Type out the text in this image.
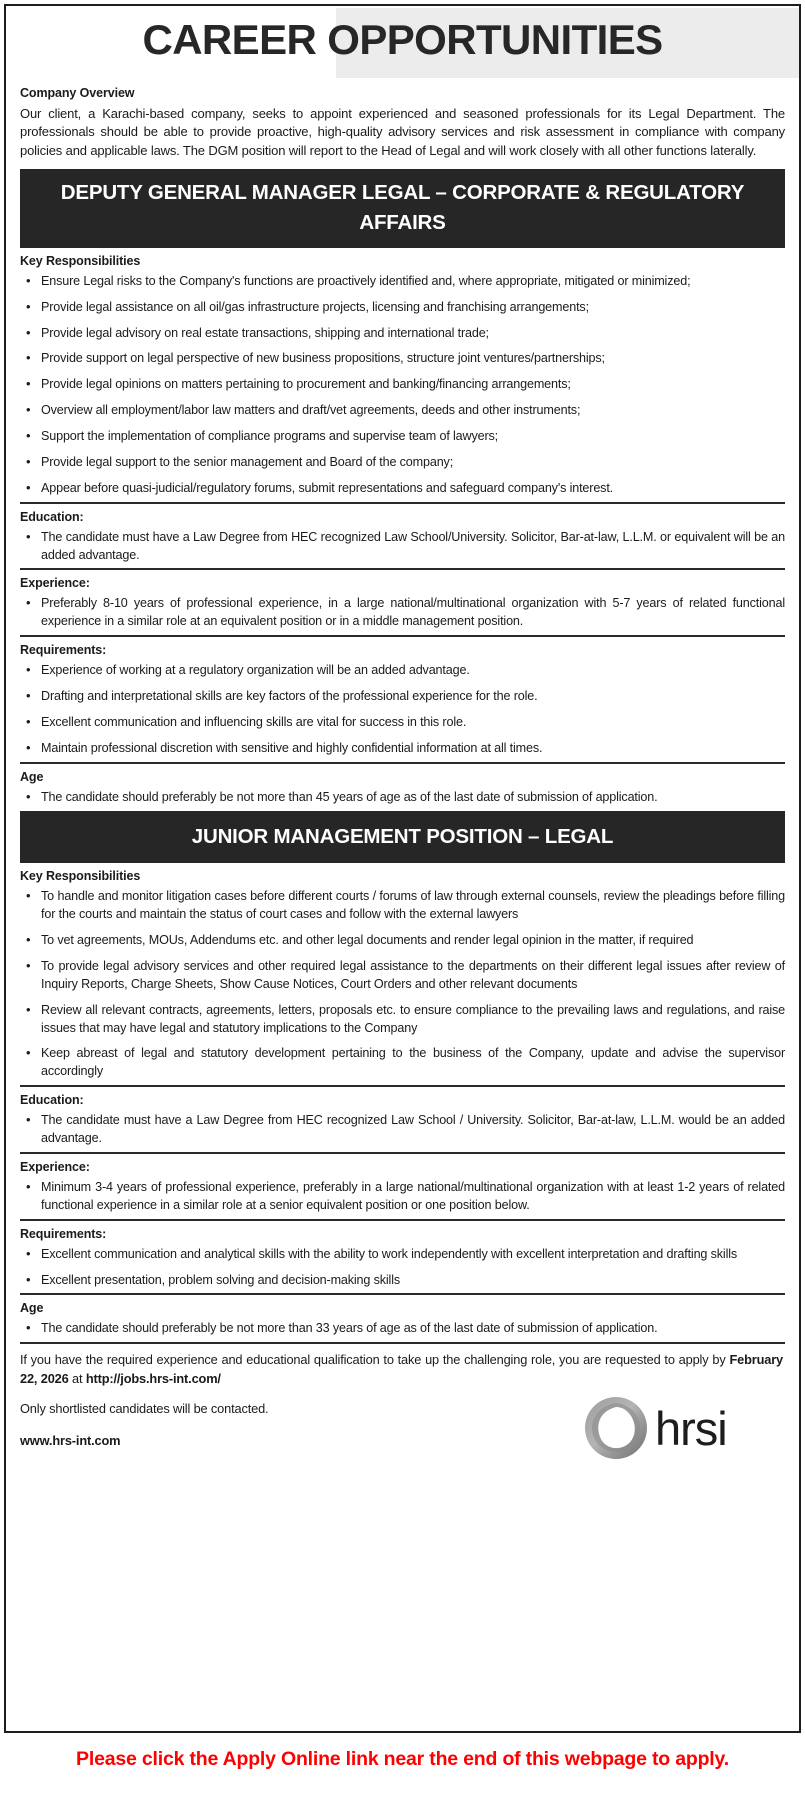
CAREER OPPORTUNITIES
Company Overview
Our client, a Karachi-based company, seeks to appoint experienced and seasoned professionals for its Legal Department. The professionals should be able to provide proactive, high-quality advisory services and risk assessment in compliance with company policies and applicable laws. The DGM position will report to the Head of Legal and will work closely with all other functions laterally.
DEPUTY GENERAL MANAGER LEGAL – CORPORATE & REGULATORY AFFAIRS
Key Responsibilities
• Ensure Legal risks to the Company's functions are proactively identified and, where appropriate, mitigated or minimized;
• Provide legal assistance on all oil/gas infrastructure projects, licensing and franchising arrangements;
• Provide legal advisory on real estate transactions, shipping and international trade;
• Provide support on legal perspective of new business propositions, structure joint ventures/partnerships;
• Provide legal opinions on matters pertaining to procurement and banking/financing arrangements;
• Overview all employment/labor law matters and draft/vet agreements, deeds and other instruments;
• Support the implementation of compliance programs and supervise team of lawyers;
• Provide legal support to the senior management and Board of the company;
• Appear before quasi-judicial/regulatory forums, submit representations and safeguard company's interest.
Education:
• The candidate must have a Law Degree from HEC recognized Law School/University. Solicitor, Bar-at-law, L.L.M. or equivalent will be an added advantage.
Experience:
• Preferably 8-10 years of professional experience, in a large national/multinational organization with 5-7 years of related functional experience in a similar role at an equivalent position or in a middle management position.
Requirements:
• Experience of working at a regulatory organization will be an added advantage.
• Drafting and interpretational skills are key factors of the professional experience for the role.
• Excellent communication and influencing skills are vital for success in this role.
• Maintain professional discretion with sensitive and highly confidential information at all times.
Age
• The candidate should preferably be not more than 45 years of age as of the last date of submission of application.
JUNIOR MANAGEMENT POSITION – LEGAL
Key Responsibilities
• To handle and monitor litigation cases before different courts / forums of law through external counsels, review the pleadings before filling for the courts and maintain the status of court cases and follow with the external lawyers
• To vet agreements, MOUs, Addendums etc. and other legal documents and render legal opinion in the matter, if required
• To provide legal advisory services and other required legal assistance to the departments on their different legal issues after review of Inquiry Reports, Charge Sheets, Show Cause Notices, Court Orders and other relevant documents
• Review all relevant contracts, agreements, letters, proposals etc. to ensure compliance to the prevailing laws and regulations, and raise issues that may have legal and statutory implications to the Company
• Keep abreast of legal and statutory development pertaining to the business of the Company, update and advise the supervisor accordingly
Education:
• The candidate must have a Law Degree from HEC recognized Law School / University. Solicitor, Bar-at-law, L.L.M. would be an added advantage.
Experience:
• Minimum 3-4 years of professional experience, preferably in a large national/multinational organization with at least 1-2 years of related functional experience in a similar role at a senior equivalent position or one position below.
Requirements:
• Excellent communication and analytical skills with the ability to work independently with excellent interpretation and drafting skills
• Excellent presentation, problem solving and decision-making skills
Age
• The candidate should preferably be not more than 33 years of age as of the last date of submission of application.

If you have the required experience and educational qualification to take up the challenging role, you are requested to apply by February 22, 2026 at http://jobs.hrs-int.com/

Only shortlisted candidates will be contacted.

www.hrs-int.com	hrsi
Please click the Apply Online link near the end of this webpage to apply.
